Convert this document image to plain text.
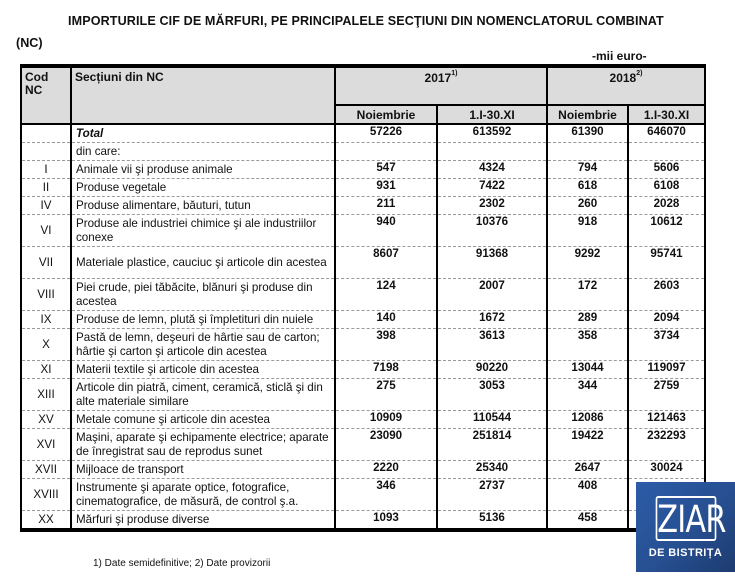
IMPORTURILE CIF DE MĂRFURI, PE PRINCIPALELE SECŢIUNI DIN NOMENCLATORUL COMBINAT
(NC)
-mii euro-
Cod NC	Secțiuni din NC	2017$^{1)}$		2018$^{2)}$
		Noiembrie	1.I-30.XI	Noiembrie	1.I-30.XI
	Total	57226	613592	61390	646070
	din care:				
I	Animale vii şi produse animale	547	4324	794	5606
II	Produse vegetale	931	7422	618	6108
IV	Produse alimentare, băuturi, tutun	211	2302	260	2028
VI	Produse ale industriei chimice şi ale industriilor conexe	940	10376	918	10612
VII	Materiale plastice, cauciuc şi articole din acestea	8607	91368	9292	95741
VIII	Piei crude, piei tăbăcite, blănuri şi produse din acestea	124	2007	172	2603
IX	Produse de lemn, plută şi împletituri din nuiele	140	1672	289	2094
X	Pastă de lemn, deşeuri de hârtie sau de carton; hârtie şi carton şi articole din acestea	398	3613	358	3734
XI	Materii textile şi articole din acestea	7198	90220	13044	119097
XIII	Articole din piatră, ciment, ceramică, sticlă şi din alte materiale similare	275	3053	344	2759
XV	Metale comune şi articole din acestea	10909	110544	12086	121463
XVI	Maşini, aparate şi echipamente electrice; aparate de înregistrat sau de reprodus sunet	23090	251814	19422	232293
XVII	Mijloace de transport	2220	25340	2647	30024
XVIII	Instrumente şi aparate optice, fotografice, cinematografice, de măsură, de control ş.a.	346	2737	408	
XX	Mărfuri şi produse diverse	1093	5136	458	
1) Date semidefinitive; 2) Date provizorii
ZIAR
DE BISTRIȚA
